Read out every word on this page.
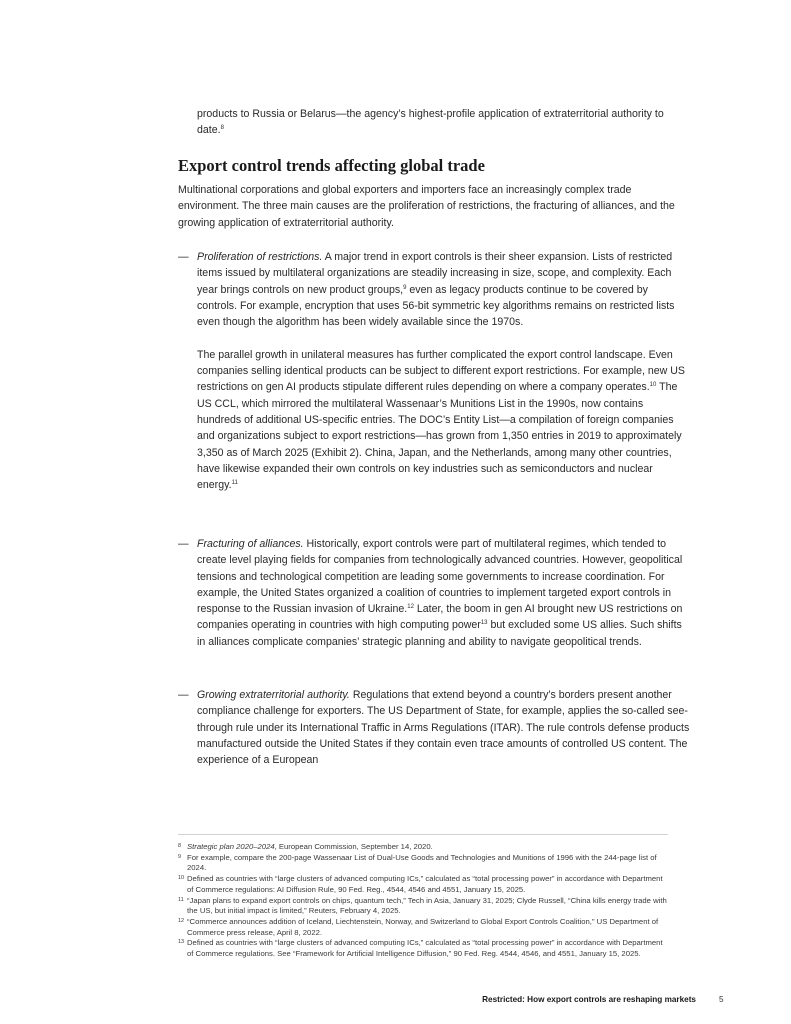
products to Russia or Belarus—the agency’s highest-profile application of extraterritorial authority to date.$^8$

Export control trends affecting global trade

Multinational corporations and global exporters and importers face an increasingly complex trade environment. The three main causes are the proliferation of restrictions, the fracturing of alliances, and the growing application of extraterritorial authority.

— Proliferation of restrictions. A major trend in export controls is their sheer expansion. Lists of restricted items issued by multilateral organizations are steadily increasing in size, scope, and complexity. Each year brings controls on new product groups,$^9$ even as legacy products continue to be covered by controls. For example, encryption that uses 56-bit symmetric key algorithms remains on restricted lists even though the algorithm has been widely available since the 1970s.

The parallel growth in unilateral measures has further complicated the export control landscape. Even companies selling identical products can be subject to different export restrictions. For example, new US restrictions on gen AI products stipulate different rules depending on where a company operates.$^{10}$ The US CCL, which mirrored the multilateral Wassenaar’s Munitions List in the 1990s, now contains hundreds of additional US-specific entries. The DOC’s Entity List—a compilation of foreign companies and organizations subject to export restrictions—has grown from 1,350 entries in 2019 to approximately 3,350 as of March 2025 (Exhibit 2). China, Japan, and the Netherlands, among many other countries, have likewise expanded their own controls on key industries such as semiconductors and nuclear energy.$^{11}$

— Fracturing of alliances. Historically, export controls were part of multilateral regimes, which tended to create level playing fields for companies from technologically advanced countries. However, geopolitical tensions and technological competition are leading some governments to increase coordination. For example, the United States organized a coalition of countries to implement targeted export controls in response to the Russian invasion of Ukraine.$^{12}$ Later, the boom in gen AI brought new US restrictions on companies operating in countries with high computing power$^{13}$ but excluded some US allies. Such shifts in alliances complicate companies’ strategic planning and ability to navigate geopolitical trends.

— Growing extraterritorial authority. Regulations that extend beyond a country’s borders present another compliance challenge for exporters. The US Department of State, for example, applies the so-called see-through rule under its International Traffic in Arms Regulations (ITAR). The rule controls defense products manufactured outside the United States if they contain even trace amounts of controlled US content. The experience of a European

8 Strategic plan 2020–2024, European Commission, September 14, 2020.
9 For example, compare the 200-page Wassenaar List of Dual-Use Goods and Technologies and Munitions of 1996 with the 244-page list of 2024.
10 Defined as countries with “large clusters of advanced computing ICs,” calculated as “total processing power” in accordance with Department of Commerce regulations: AI Diffusion Rule, 90 Fed. Reg., 4544, 4546 and 4551, January 15, 2025.
11 “Japan plans to expand export controls on chips, quantum tech,” Tech in Asia, January 31, 2025; Clyde Russell, “China kills energy trade with the US, but initial impact is limited,” Reuters, February 4, 2025.
12 “Commerce announces addition of Iceland, Liechtenstein, Norway, and Switzerland to Global Export Controls Coalition,” US Department of Commerce press release, April 8, 2022.
13 Defined as countries with “large clusters of advanced computing ICs,” calculated as “total processing power” in accordance with Department of Commerce regulations. See “Framework for Artificial Intelligence Diffusion,” 90 Fed. Reg. 4544, 4546, and 4551, January 15, 2025.
Restricted: How export controls are reshaping markets	5
